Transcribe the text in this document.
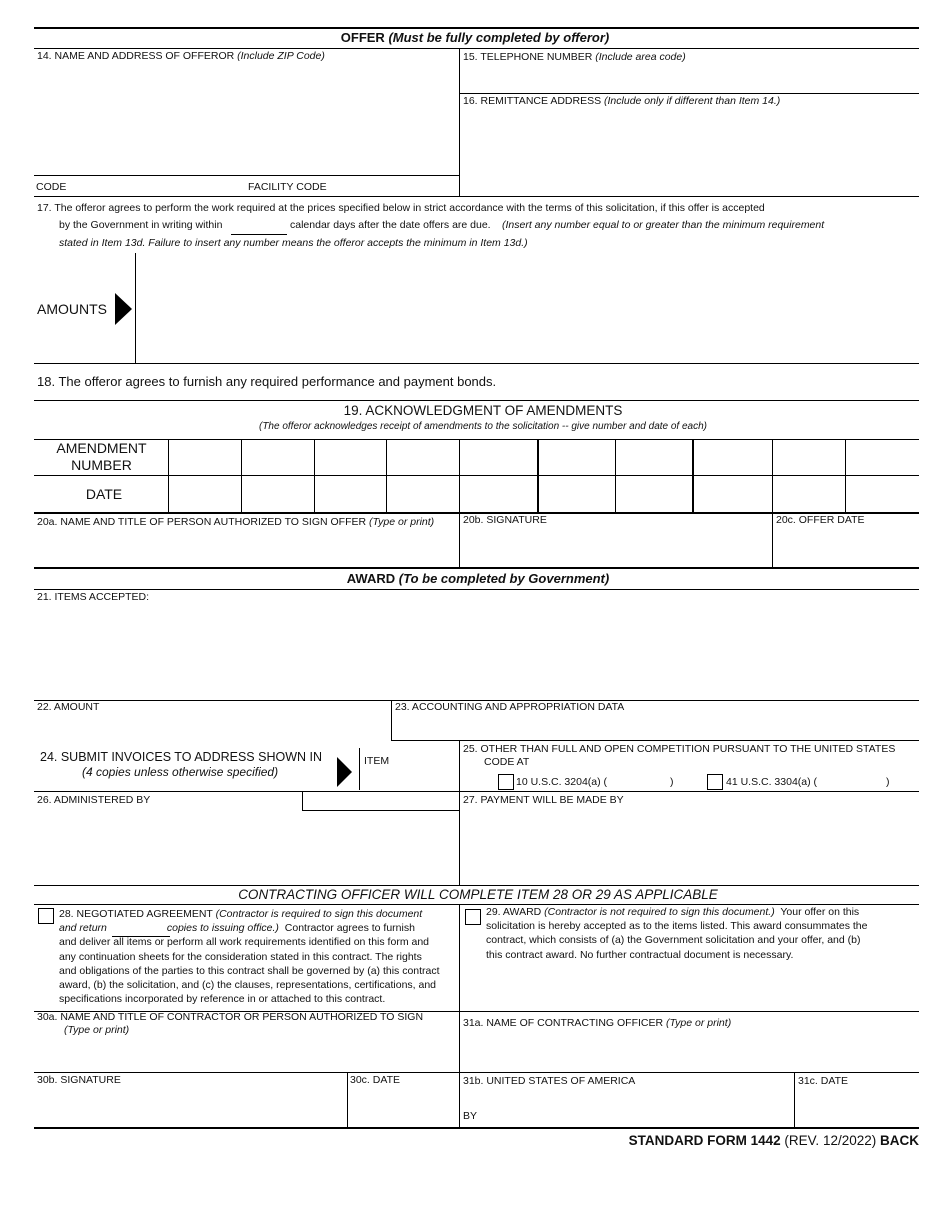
OFFER (Must be fully completed by offeror)
14. NAME AND ADDRESS OF OFFEROR (Include ZIP Code)	15. TELEPHONE NUMBER (Include area code)
16. REMITTANCE ADDRESS (Include only if different than Item 14.)
CODE	FACILITY CODE
17. The offeror agrees to perform the work required at the prices specified below in strict accordance with the terms of this solicitation, if this offer is accepted
by the Government in writing within	calendar days after the date offers are due. (Insert any number equal to or greater than the minimum requirement
stated in Item 13d. Failure to insert any number means the offeror accepts the minimum in Item 13d.)
AMOUNTS
18. The offeror agrees to furnish any required performance and payment bonds.
19. ACKNOWLEDGMENT OF AMENDMENTS
(The offeror acknowledges receipt of amendments to the solicitation -- give number and date of each)
AMENDMENT
NUMBER
DATE
20a. NAME AND TITLE OF PERSON AUTHORIZED TO SIGN OFFER (Type or print)	20b. SIGNATURE	20c. OFFER DATE
AWARD (To be completed by Government)
21. ITEMS ACCEPTED:
22. AMOUNT	23. ACCOUNTING AND APPROPRIATION DATA
24. SUBMIT INVOICES TO ADDRESS SHOWN IN
(4 copies unless otherwise specified)
ITEM
25. OTHER THAN FULL AND OPEN COMPETITION PURSUANT TO THE UNITED STATES
CODE AT
10 U.S.C. 3204(a) (	)	41 U.S.C. 3304(a) (	)
26. ADMINISTERED BY	27. PAYMENT WILL BE MADE BY
CONTRACTING OFFICER WILL COMPLETE ITEM 28 OR 29 AS APPLICABLE
28. NEGOTIATED AGREEMENT (Contractor is required to sign this document
and return	copies to issuing office.) Contractor agrees to furnish
and deliver all items or perform all work requirements identified on this form and
any continuation sheets for the consideration stated in this contract. The rights
and obligations of the parties to this contract shall be governed by (a) this contract
award, (b) the solicitation, and (c) the clauses, representations, certifications, and
specifications incorporated by reference in or attached to this contract.
29. AWARD (Contractor is not required to sign this document.) Your offer on this
solicitation is hereby accepted as to the items listed. This award consummates the
contract, which consists of (a) the Government solicitation and your offer, and (b)
this contract award. No further contractual document is necessary.
30a. NAME AND TITLE OF CONTRACTOR OR PERSON AUTHORIZED TO SIGN
(Type or print)
31a. NAME OF CONTRACTING OFFICER (Type or print)
30b. SIGNATURE	30c. DATE	31b. UNITED STATES OF AMERICA
BY
31c. DATE
STANDARD FORM 1442 (REV. 12/2022) BACK
